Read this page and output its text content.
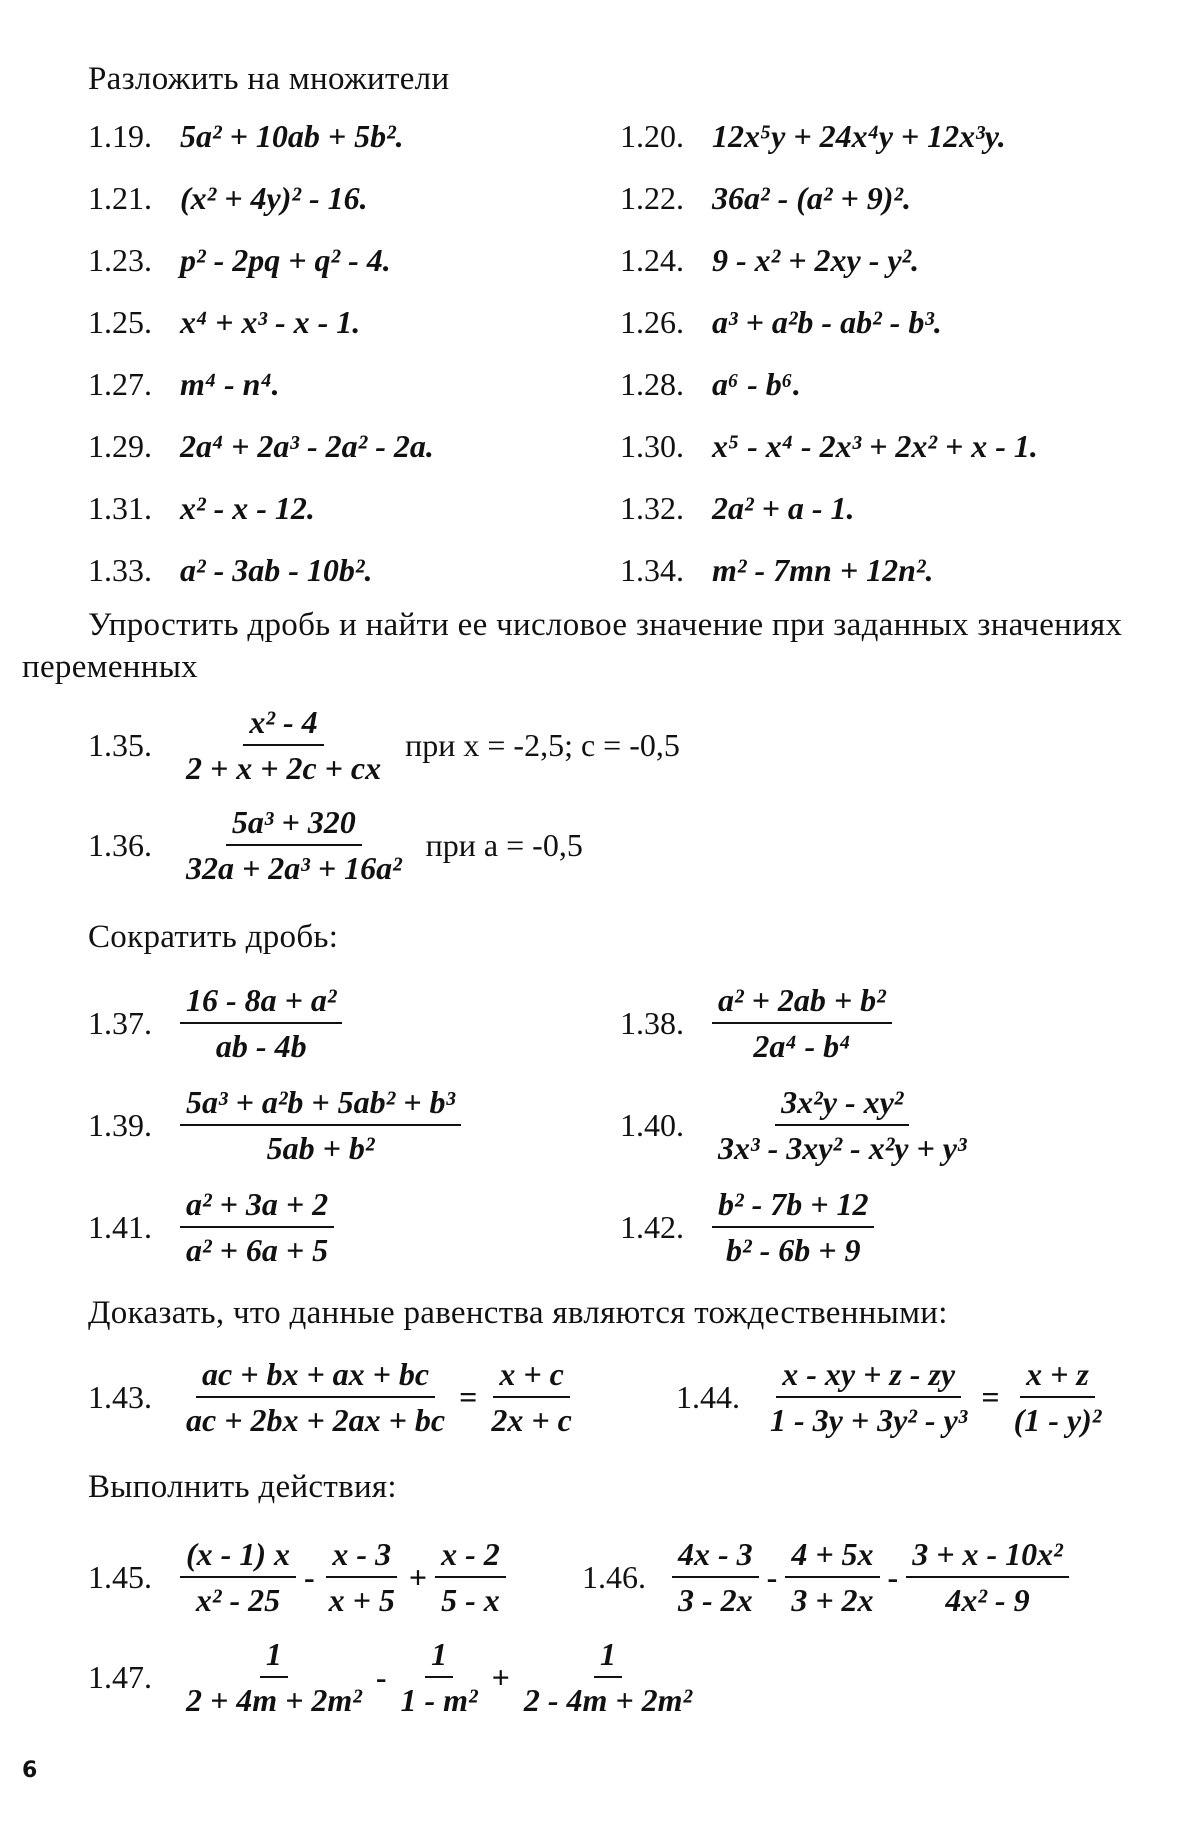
Разложить на множители
1.19. 5a² + 10ab + 5b².	1.20. 12x⁵y + 24x⁴y + 12x³y.
1.21. (x² + 4y)² - 16.	1.22. 36a² - (a² + 9)².
1.23. p² - 2pq + q² - 4.	1.24. 9 - x² + 2xy - y².
1.25. x⁴ + x³ - x - 1.	1.26. a³ + a²b - ab² - b³.
1.27. m⁴ - n⁴.	1.28. a⁶ - b⁶.
1.29. 2a⁴ + 2a³ - 2a² - 2a.	1.30. x⁵ - x⁴ - 2x³ + 2x² + x - 1.
1.31. x² - x - 12.	1.32. 2a² + a - 1.
1.33. a² - 3ab - 10b².	1.34. m² - 7mn + 12n².
Упростить дробь и найти ее числовое значение при заданных значениях переменных
1.35. $\frac{\text{x² - 4}}{2 + x + 2c + cx}$ при x = -2,5; c = -0,5
1.36. $\frac{\text{5a³ + 320}}{\text{32a + 2a³ + 16a²}}$ при a = -0,5
Сократить дробь:
1.37. $\frac{\text{16 - 8a + a²}}{ab - 4b}$	1.38. $\frac{\text{a² + 2ab + b²}}{\text{2a⁴ - b⁴}}$
1.39. $\frac{\text{5a³ + a²b + 5ab² + b³}}{\text{5ab + b²}}$	1.40. $\frac{\text{3x²y - xy²}}{\text{3x³ - 3xy² - x²y + y³}}$
1.41. $\frac{\text{a² + 3a + 2}}{\text{a² + 6a + 5}}$	1.42. $\frac{\text{b² - 7b + 12}}{\text{b² - 6b + 9}}$
Доказать, что данные равенства являются тождественными:
1.43. $\frac{ac + bx + ax + bc}{ac + 2bx + 2ax + bc} = \frac{x + c}{2x + c}$	1.44. $\frac{x - xy + z - zy}{\text{1 - 3y + 3y² - y³}} = \frac{x + z}{\text{(1 - y)²}}$
Выполнить действия:
1.45. $\frac{(x - 1) x}{\text{x² - 25}} - \frac{x - 3}{x + 5} + \frac{x - 2}{5 - x} 1.46$. $\frac{4x - 3}{3 - 2x} - \frac{4 + 5x}{3 + 2x} - \frac{\text{3 + x - 10x²}}{\text{4x² - 9}}$
1.47. $\frac{1}{\text{2 + 4m + 2m²}} - \frac{1}{\text{1 - m²}} + \frac{1}{\text{2 - 4m + 2m²}}$
6
